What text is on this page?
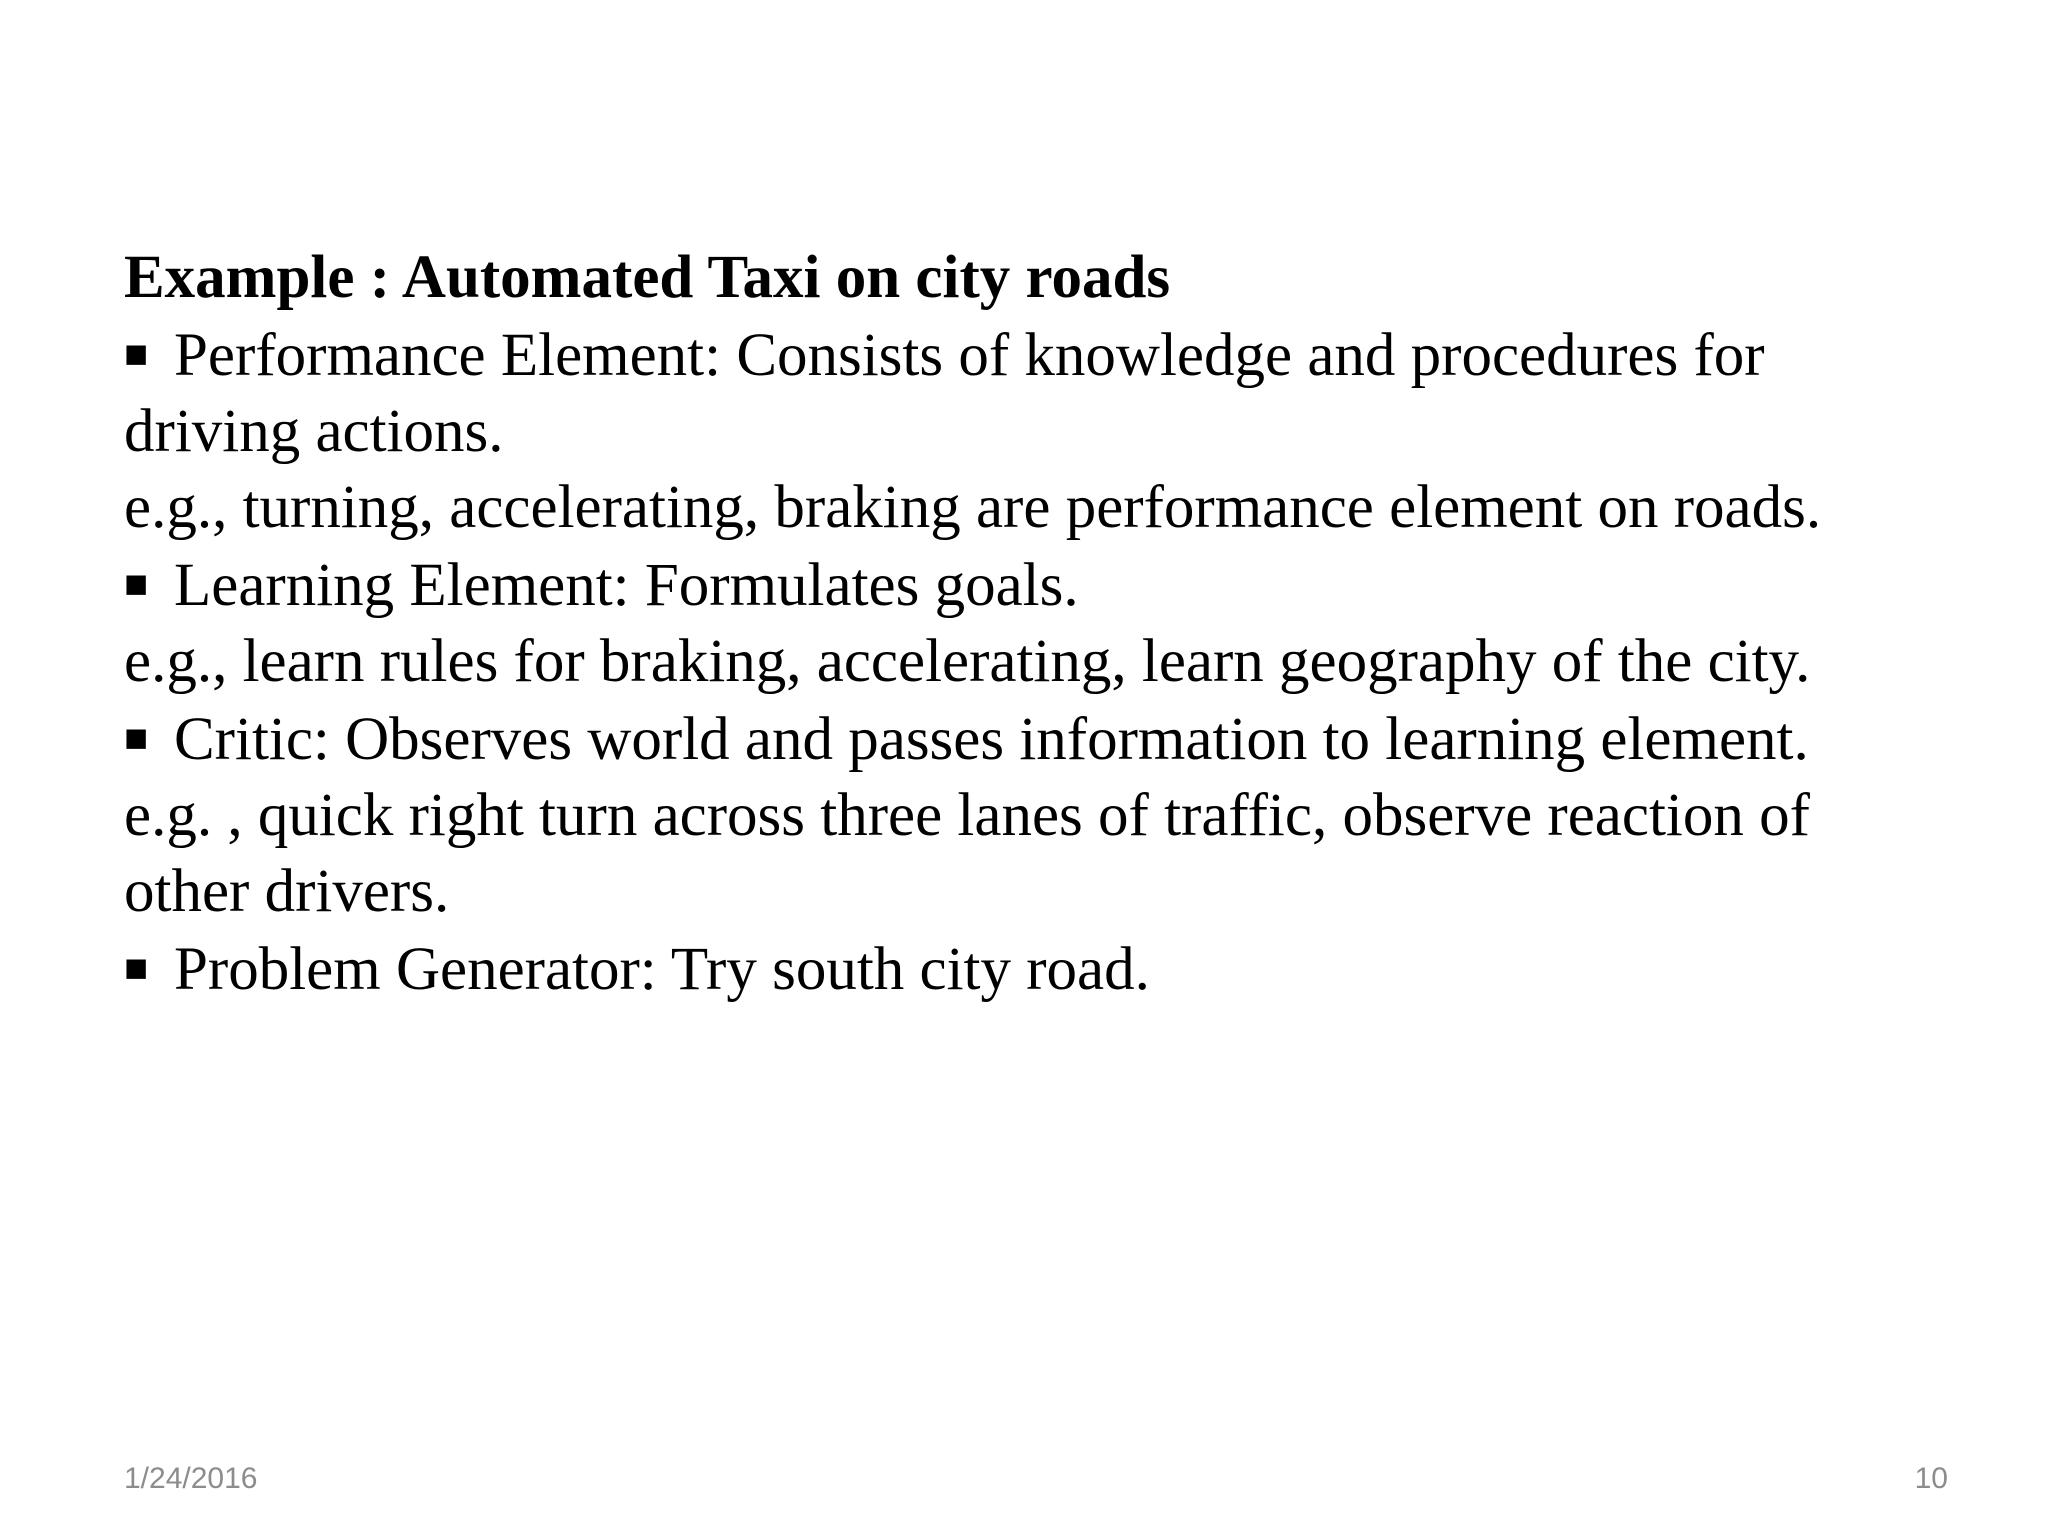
Example : Automated Taxi on city roads
■ Performance Element: Consists of knowledge and procedures for
driving actions.
e.g., turning, accelerating, braking are performance element on roads.
■ Learning Element: Formulates goals.
e.g., learn rules for braking, accelerating, learn geography of the city.
■ Critic: Observes world and passes information to learning element.
e.g. , quick right turn across three lanes of traffic, observe reaction of
other drivers.
■ Problem Generator: Try south city road.
1/24/2016	10
